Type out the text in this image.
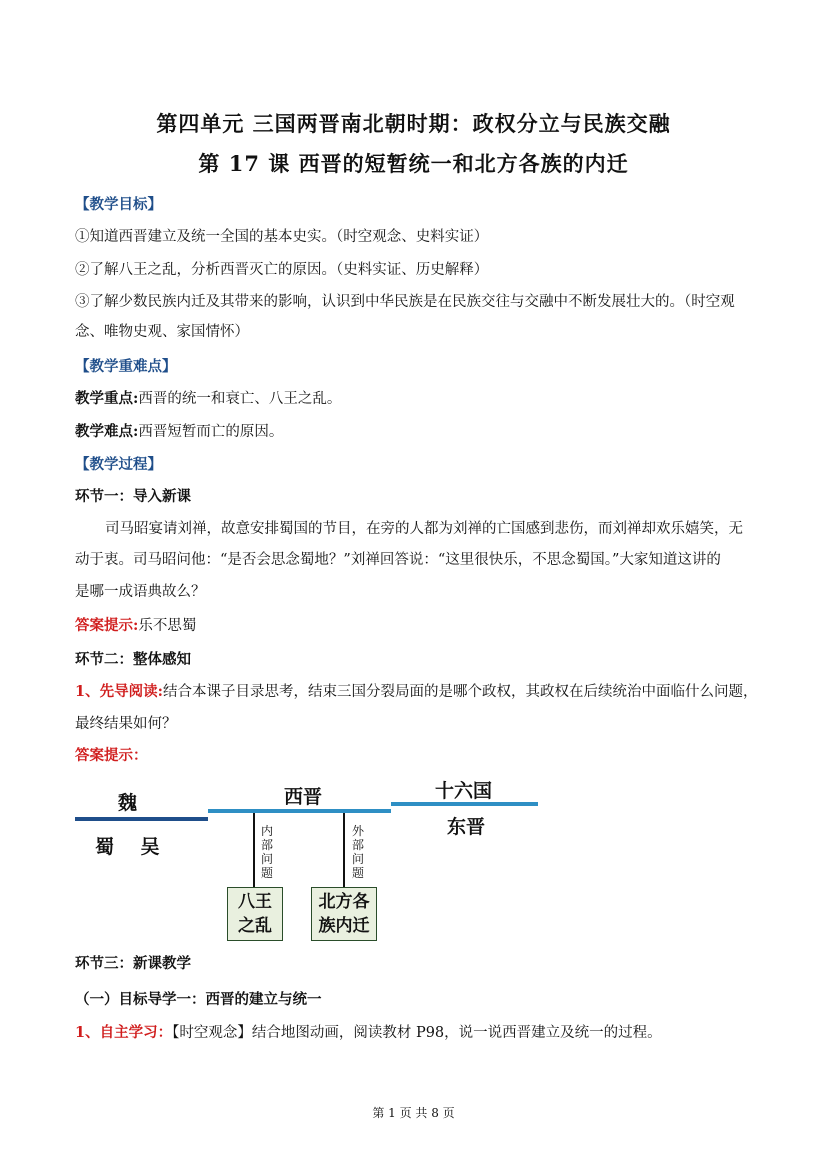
第四单元 三国两晋南北朝时期：政权分立与民族交融
第 17 课 西晋的短暂统一和北方各族的内迁
【教学目标】
①知道西晋建立及统一全国的基本史实。（时空观念、史料实证）
②了解八王之乱，分析西晋灭亡的原因。（史料实证、历史解释）
③了解少数民族内迁及其带来的影响，认识到中华民族是在民族交往与交融中不断发展壮大的。（时空观
念、唯物史观、家国情怀）
【教学重难点】
教学重点:西晋的统一和衰亡、八王之乱。
教学难点:西晋短暂而亡的原因。
【教学过程】
环节一：导入新课
司马昭宴请刘禅，故意安排蜀国的节目，在旁的人都为刘禅的亡国感到悲伤，而刘禅却欢乐嬉笑，无
动于衷。司马昭问他：“是否会思念蜀地？”刘禅回答说：“这里很快乐，不思念蜀国。”大家知道这讲的
是哪一成语典故么？
答案提示:乐不思蜀
环节二：整体感知
1、先导阅读:结合本课子目录思考，结束三国分裂局面的是哪个政权，其政权在后续统治中面临什么问题，
最终结果如何？
答案提示：
魏
蜀    吴
西晋	十六国
东晋
内
部
问
题
八王
之乱
外
部
问
题
北方各
族内迁
环节三：新课教学
（一）目标导学一：西晋的建立与统一
1、自主学习：【时空观念】结合地图动画，阅读教材 P98，说一说西晋建立及统一的过程。
第 1 页 共 8 页
